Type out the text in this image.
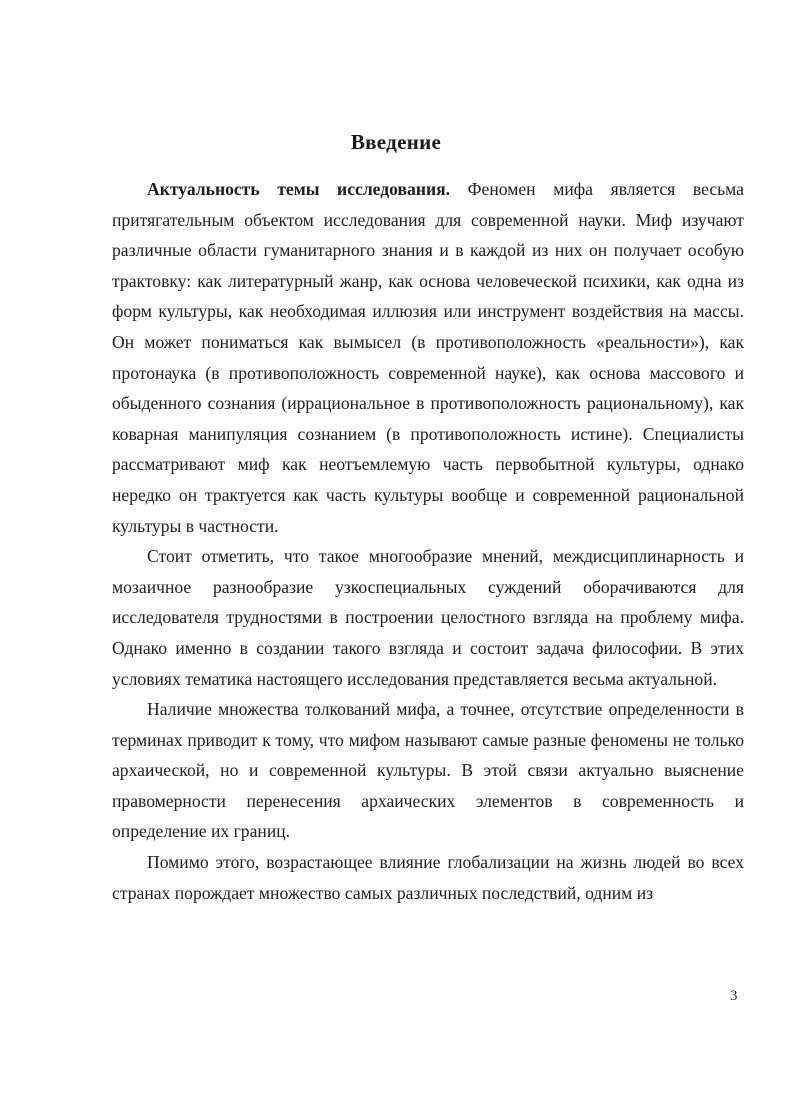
Введение

Актуальность темы исследования. Феномен мифа является весьма притягательным объектом исследования для современной науки. Миф изучают различные области гуманитарного знания и в каждой из них он получает особую трактовку: как литературный жанр, как основа человеческой психики, как одна из форм культуры, как необходимая иллюзия или инструмент воздействия на массы. Он может пониматься как вымысел (в противоположность «реальности»), как протонаука (в противоположность современной науке), как основа массового и обыденного сознания (иррациональное в противоположность рациональному), как коварная манипуляция сознанием (в противоположность истине). Специалисты рассматривают миф как неотъемлемую часть первобытной культуры, однако нередко он трактуется как часть культуры вообще и современной рациональной культуры в частности.

Стоит отметить, что такое многообразие мнений, междисциплинарность и мозаичное разнообразие узкоспециальных суждений оборачиваются для исследователя трудностями в построении целостного взгляда на проблему мифа. Однако именно в создании такого взгляда и состоит задача философии. В этих условиях тематика настоящего исследования представляется весьма актуальной.

Наличие множества толкований мифа, а точнее, отсутствие определенности в терминах приводит к тому, что мифом называют самые разные феномены не только архаической, но и современной культуры. В этой связи актуально выяснение правомерности перенесения архаических элементов в современность и определение их границ.

Помимо этого, возрастающее влияние глобализации на жизнь людей во всех странах порождает множество самых различных последствий, одним из

3
